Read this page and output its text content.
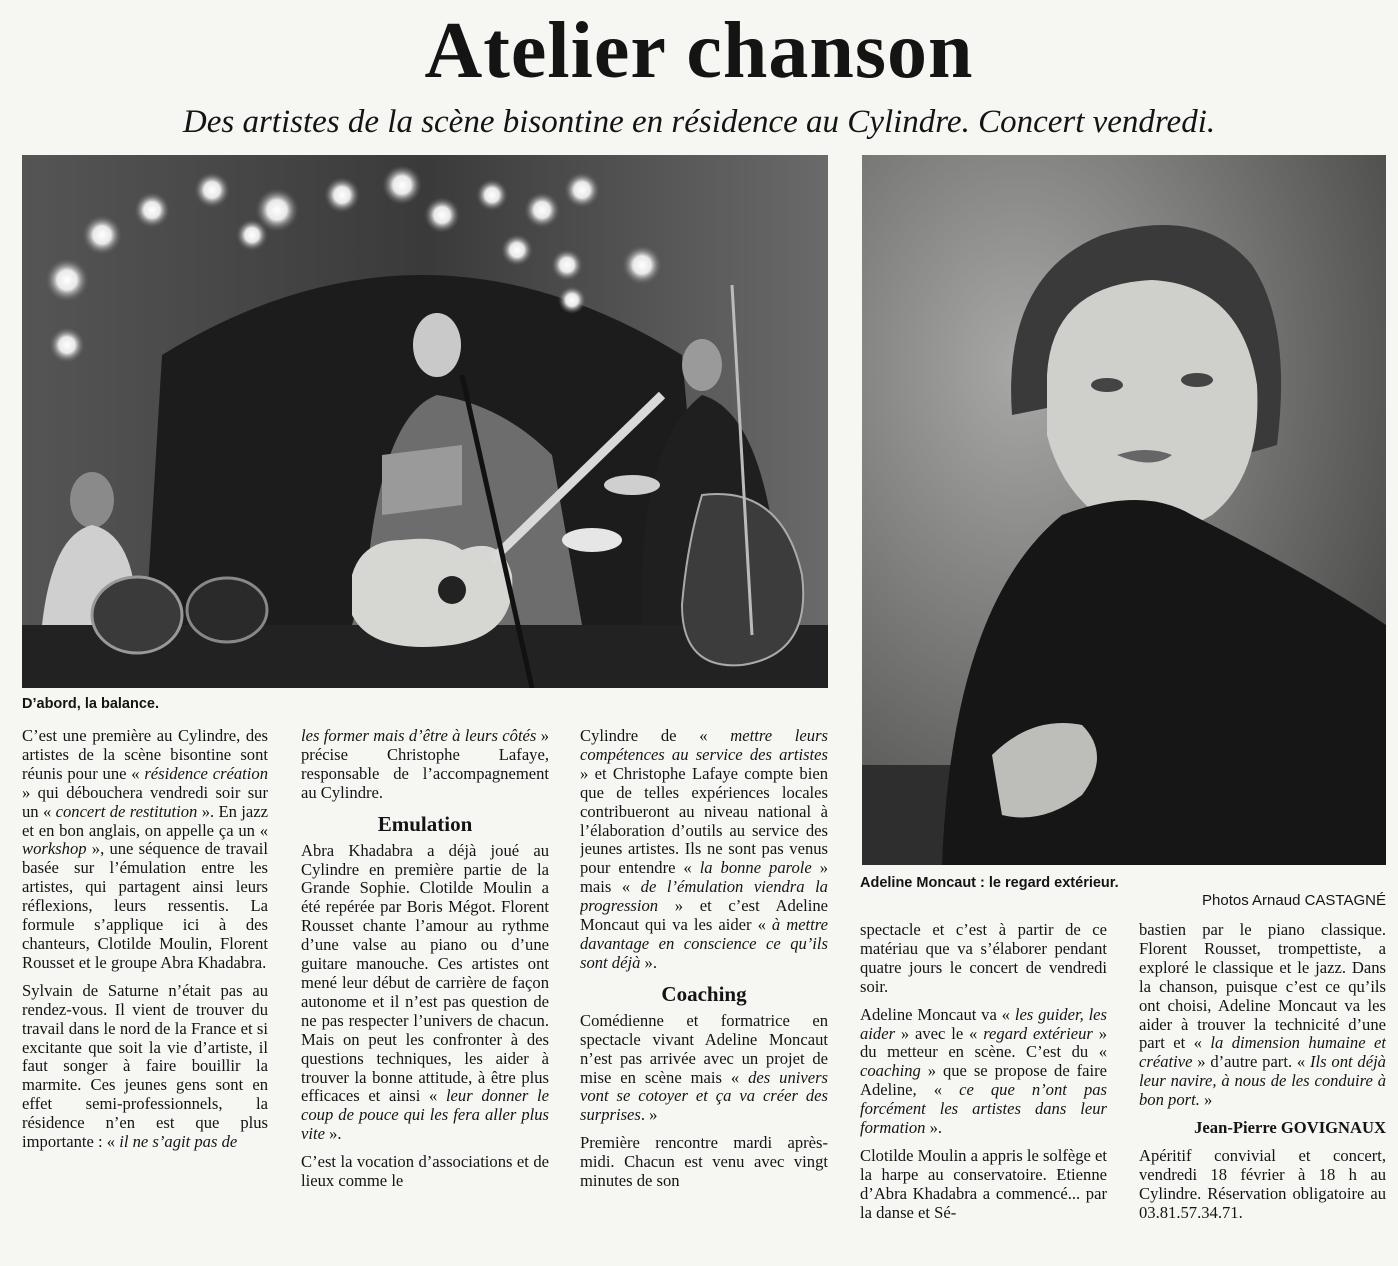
Atelier chanson

Des artistes de la scène bisontine en résidence au Cylindre. Concert vendredi.

D’abord, la balance.

Adeline Moncaut : le regard extérieur.

Photos Arnaud CASTAGNÉ

C’est une première au Cylindre, des artistes de la scène bisontine sont réunis pour une « résidence création » qui débouchera vendredi soir sur un « concert de restitution ». En jazz et en bon anglais, on appelle ça un « workshop », une séquence de travail basée sur l’émulation entre les artistes, qui partagent ainsi leurs réflexions, leurs ressentis. La formule s’applique ici à des chanteurs, Clotilde Moulin, Florent Rousset et le groupe Abra Khadabra.

Sylvain de Saturne n’était pas au rendez-vous. Il vient de trouver du travail dans le nord de la France et si excitante que soit la vie d’artiste, il faut songer à faire bouillir la marmite. Ces jeunes gens sont en effet semi-professionnels, la résidence n’en est que plus importante : « il ne s’agit pas de

les former mais d’être à leurs côtés » précise Christophe Lafaye, responsable de l’accompagnement au Cylindre.

Emulation

Abra Khadabra a déjà joué au Cylindre en première partie de la Grande Sophie. Clotilde Moulin a été repérée par Boris Mégot. Florent Rousset chante l’amour au rythme d’une valse au piano ou d’une guitare manouche. Ces artistes ont mené leur début de carrière de façon autonome et il n’est pas question de ne pas respecter l’univers de chacun. Mais on peut les confronter à des questions techniques, les aider à trouver la bonne attitude, à être plus efficaces et ainsi « leur donner le coup de pouce qui les fera aller plus vite ».

C’est la vocation d’associations et de lieux comme le

Cylindre de « mettre leurs compétences au service des artistes » et Christophe Lafaye compte bien que de telles expériences locales contribueront au niveau national à l’élaboration d’outils au service des jeunes artistes. Ils ne sont pas venus pour entendre « la bonne parole » mais « de l’émulation viendra la progression » et c’est Adeline Moncaut qui va les aider « à mettre davantage en conscience ce qu’ils sont déjà ».

Coaching

Comédienne et formatrice en spectacle vivant Adeline Moncaut n’est pas arrivée avec un projet de mise en scène mais « des univers vont se cotoyer et ça va créer des surprises. »

Première rencontre mardi après-midi. Chacun est venu avec vingt minutes de son

spectacle et c’est à partir de ce matériau que va s’élaborer pendant quatre jours le concert de vendredi soir.

Adeline Moncaut va « les guider, les aider » avec le « regard extérieur » du metteur en scène. C’est du « coaching » que se propose de faire Adeline, « ce que n’ont pas forcément les artistes dans leur formation ».

Clotilde Moulin a appris le solfège et la harpe au conservatoire. Etienne d’Abra Khadabra a commencé... par la danse et Sé-

bastien par le piano classique. Florent Rousset, trompettiste, a exploré le classique et le jazz. Dans la chanson, puisque c’est ce qu’ils ont choisi, Adeline Moncaut va les aider à trouver la technicité d’une part et « la dimension humaine et créative » d’autre part. « Ils ont déjà leur navire, à nous de les conduire à bon port. »

Jean-Pierre GOVIGNAUX

Apéritif convivial et concert, vendredi 18 février à 18 h au Cylindre. Réservation obligatoire au 03.81.57.34.71.
